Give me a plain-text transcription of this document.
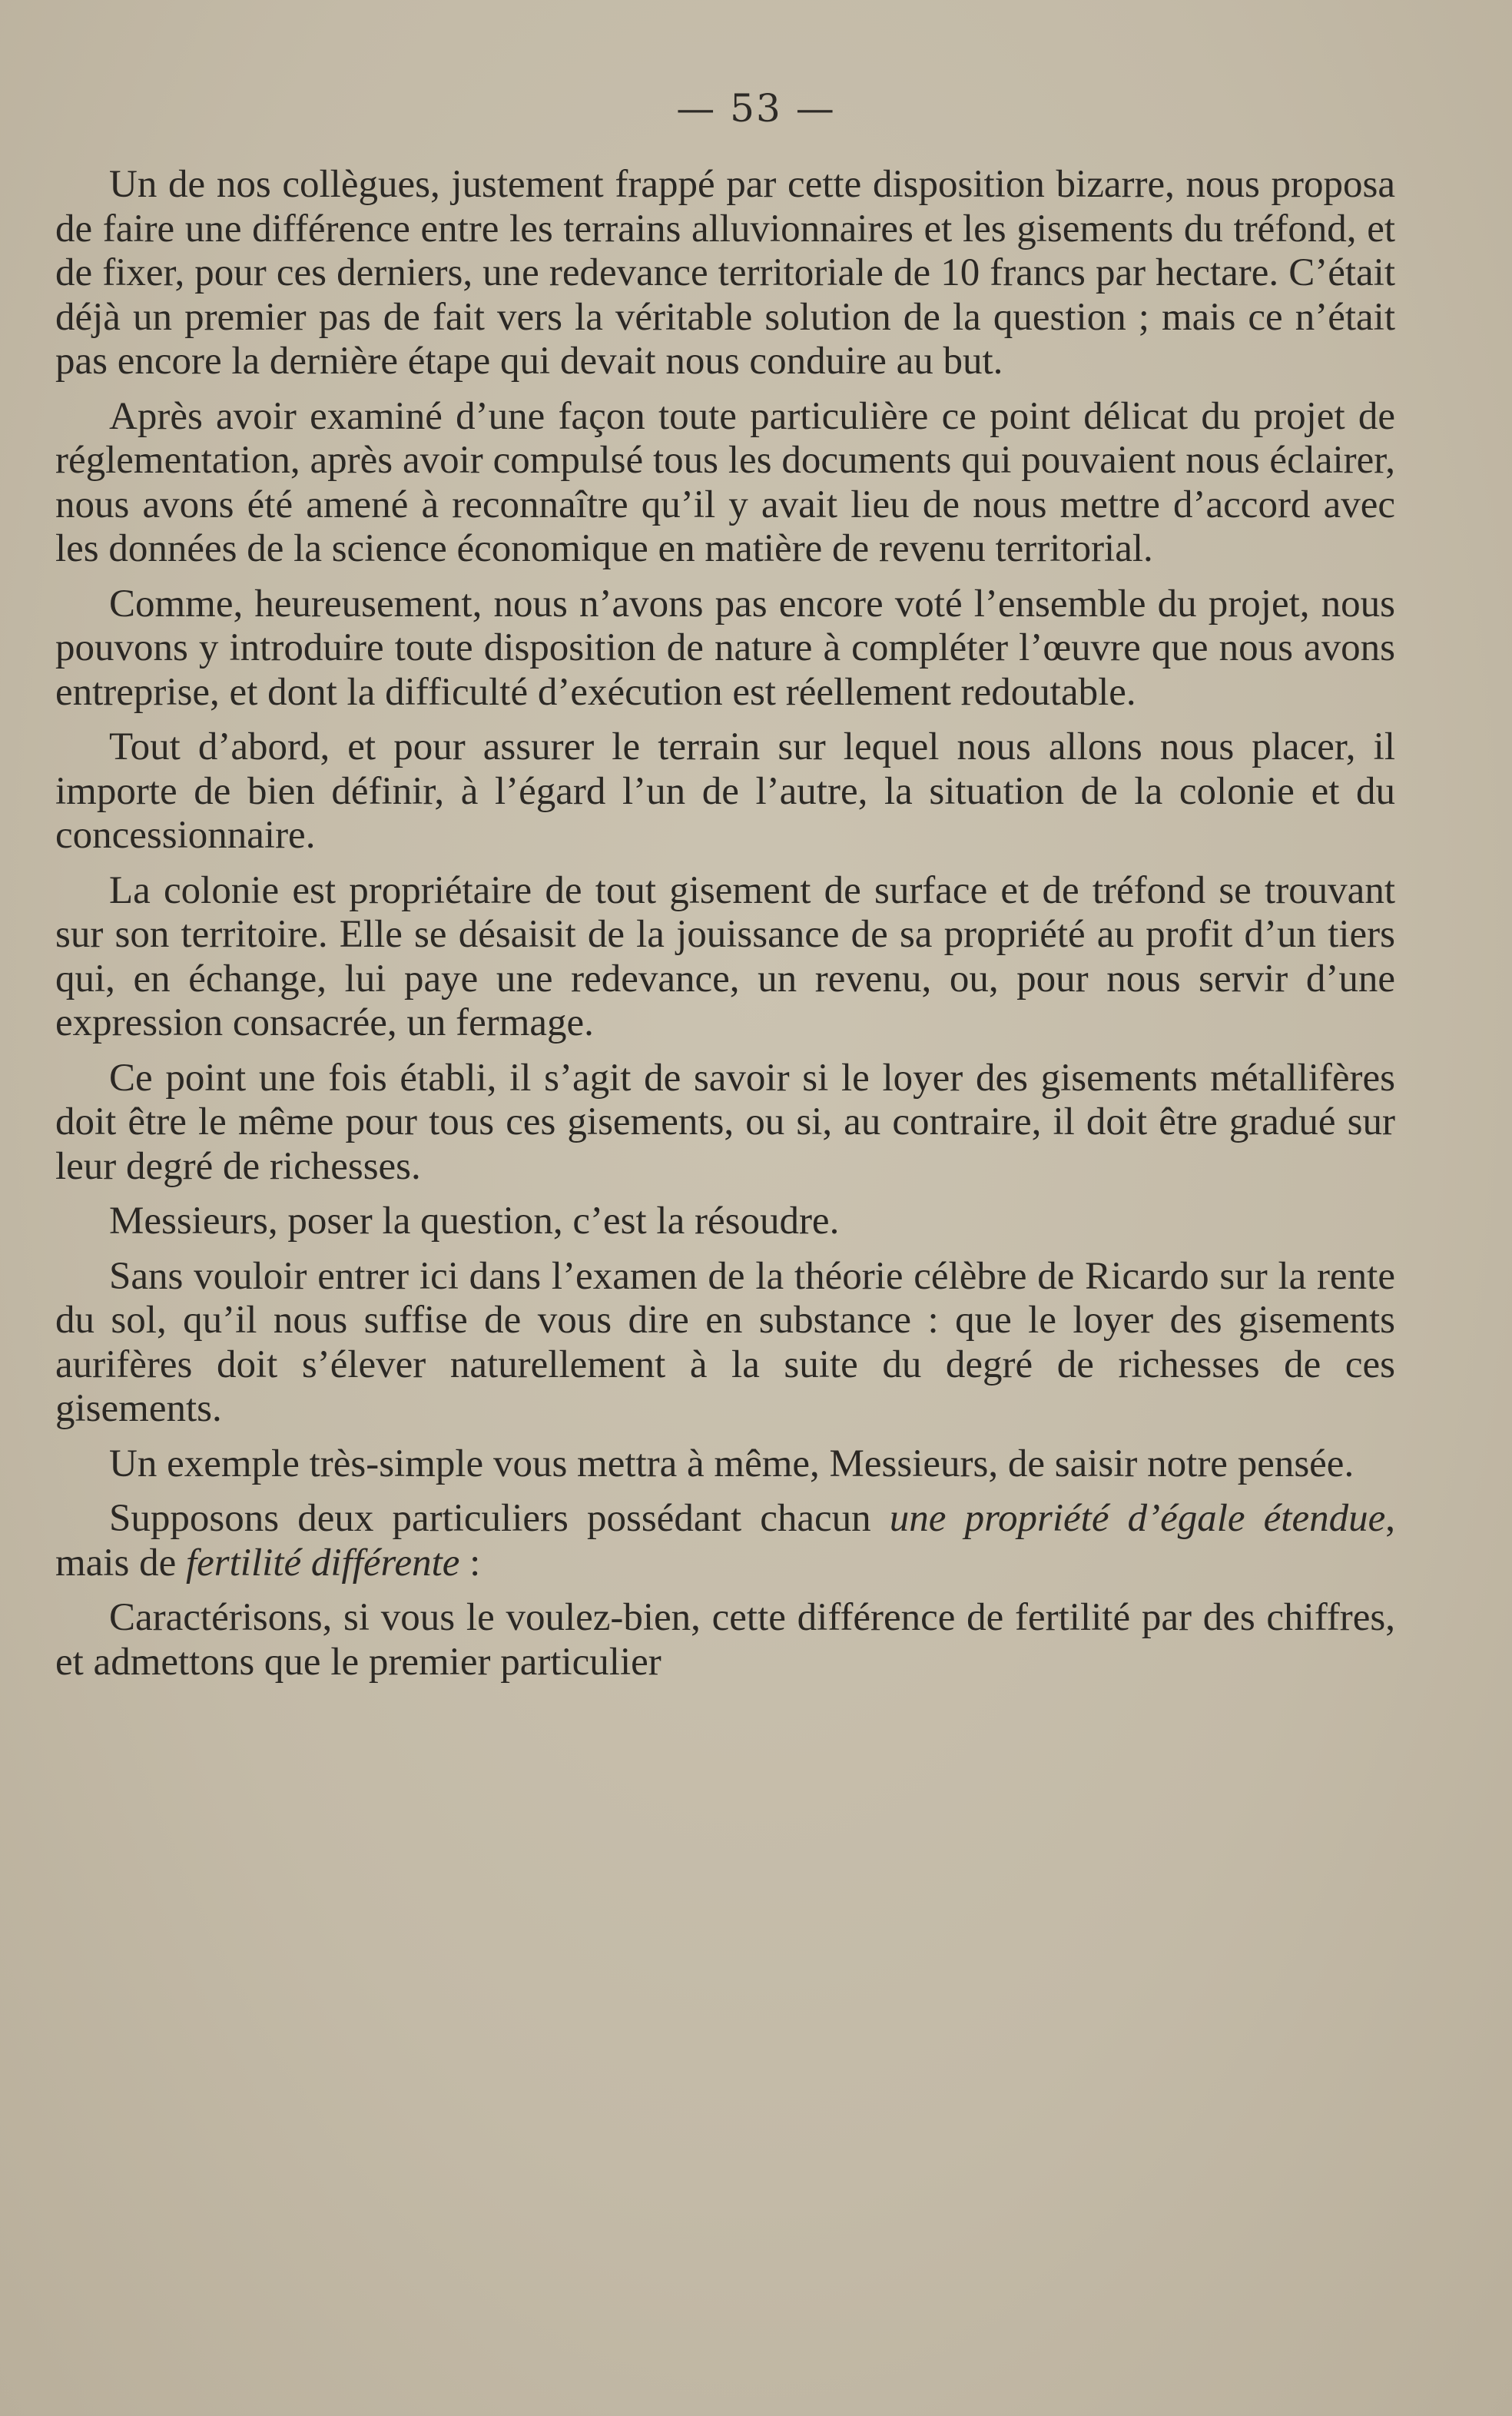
— 53 —

Un de nos collègues, justement frappé par cette disposition bizarre, nous proposa de faire une différence entre les terrains alluvionnaires et les gisements du tréfond, et de fixer, pour ces derniers, une redevance territoriale de 10 francs par hectare. C’était déjà un premier pas de fait vers la véritable solution de la question ; mais ce n’était pas encore la dernière étape qui devait nous conduire au but.

Après avoir examiné d’une façon toute particulière ce point délicat du projet de réglementation, après avoir compulsé tous les documents qui pouvaient nous éclairer, nous avons été amené à reconnaître qu’il y avait lieu de nous mettre d’accord avec les données de la science économique en matière de revenu territorial.

Comme, heureusement, nous n’avons pas encore voté l’ensemble du projet, nous pouvons y introduire toute disposition de nature à compléter l’œuvre que nous avons entreprise, et dont la difficulté d’exécution est réellement redoutable.

Tout d’abord, et pour assurer le terrain sur lequel nous allons nous placer, il importe de bien définir, à l’égard l’un de l’autre, la situation de la colonie et du concessionnaire.

La colonie est propriétaire de tout gisement de surface et de tréfond se trouvant sur son territoire. Elle se désaisit de la jouissance de sa propriété au profit d’un tiers qui, en échange, lui paye une redevance, un revenu, ou, pour nous servir d’une expression consacrée, un fermage.

Ce point une fois établi, il s’agit de savoir si le loyer des gisements métallifères doit être le même pour tous ces gisements, ou si, au contraire, il doit être gradué sur leur degré de richesses.

Messieurs, poser la question, c’est la résoudre.

Sans vouloir entrer ici dans l’examen de la théorie célèbre de Ricardo sur la rente du sol, qu’il nous suffise de vous dire en substance : que le loyer des gisements aurifères doit s’élever naturellement à la suite du degré de richesses de ces gisements.

Un exemple très-simple vous mettra à même, Messieurs, de saisir notre pensée.

Supposons deux particuliers possédant chacun une propriété d’égale étendue, mais de fertilité différente :

Caractérisons, si vous le voulez-bien, cette différence de fertilité par des chiffres, et admettons que le premier particulier
